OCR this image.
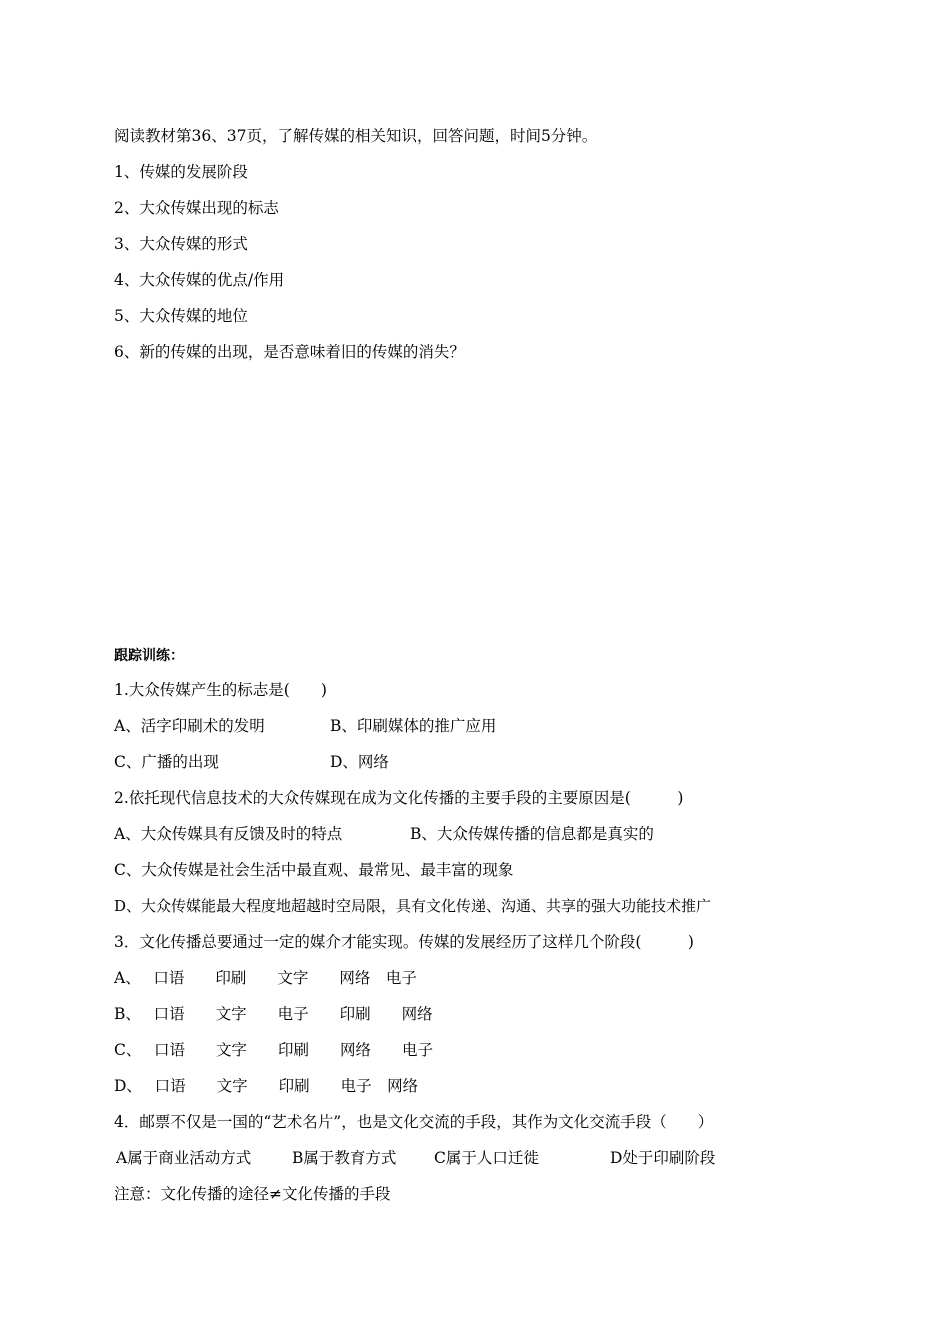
阅读教材第36、37页，了解传媒的相关知识，回答问题，时间5分钟。
1、传媒的发展阶段
2、大众传媒出现的标志
3、大众传媒的形式
4、大众传媒的优点/作用
5、大众传媒的地位
6、新的传媒的出现，是否意味着旧的传媒的消失？
跟踪训练：
1.大众传媒产生的标志是(　　)
A、活字印刷术的发明	B、印刷媒体的推广应用
C、广播的出现	D、网络
2.依托现代信息技术的大众传媒现在成为文化传播的主要手段的主要原因是(　　　)
A、大众传媒具有反馈及时的特点	B、大众传媒传播的信息都是真实的
C、大众传媒是社会生活中最直观、最常见、最丰富的现象
D、大众传媒能最大程度地超越时空局限，具有文化传递、沟通、共享的强大功能技术推广
3．文化传播总要通过一定的媒介才能实现。传媒的发展经历了这样几个阶段(　　　)
A、　 口语　　印刷　　文字　　网络　电子
B、　 口语　　文字　　电子　　印刷　　网络
C、　 口语　　文字　　印刷　　网络　　电子
D、　 口语　　文字　　印刷　　电子　网络
4．邮票不仅是一国的“艺术名片”，也是文化交流的手段，其作为文化交流手段（　　）
A属于商业活动方式	B属于教育方式 C属于人口迁徙	D处于印刷阶段
注意：文化传播的途径≠文化传播的手段
